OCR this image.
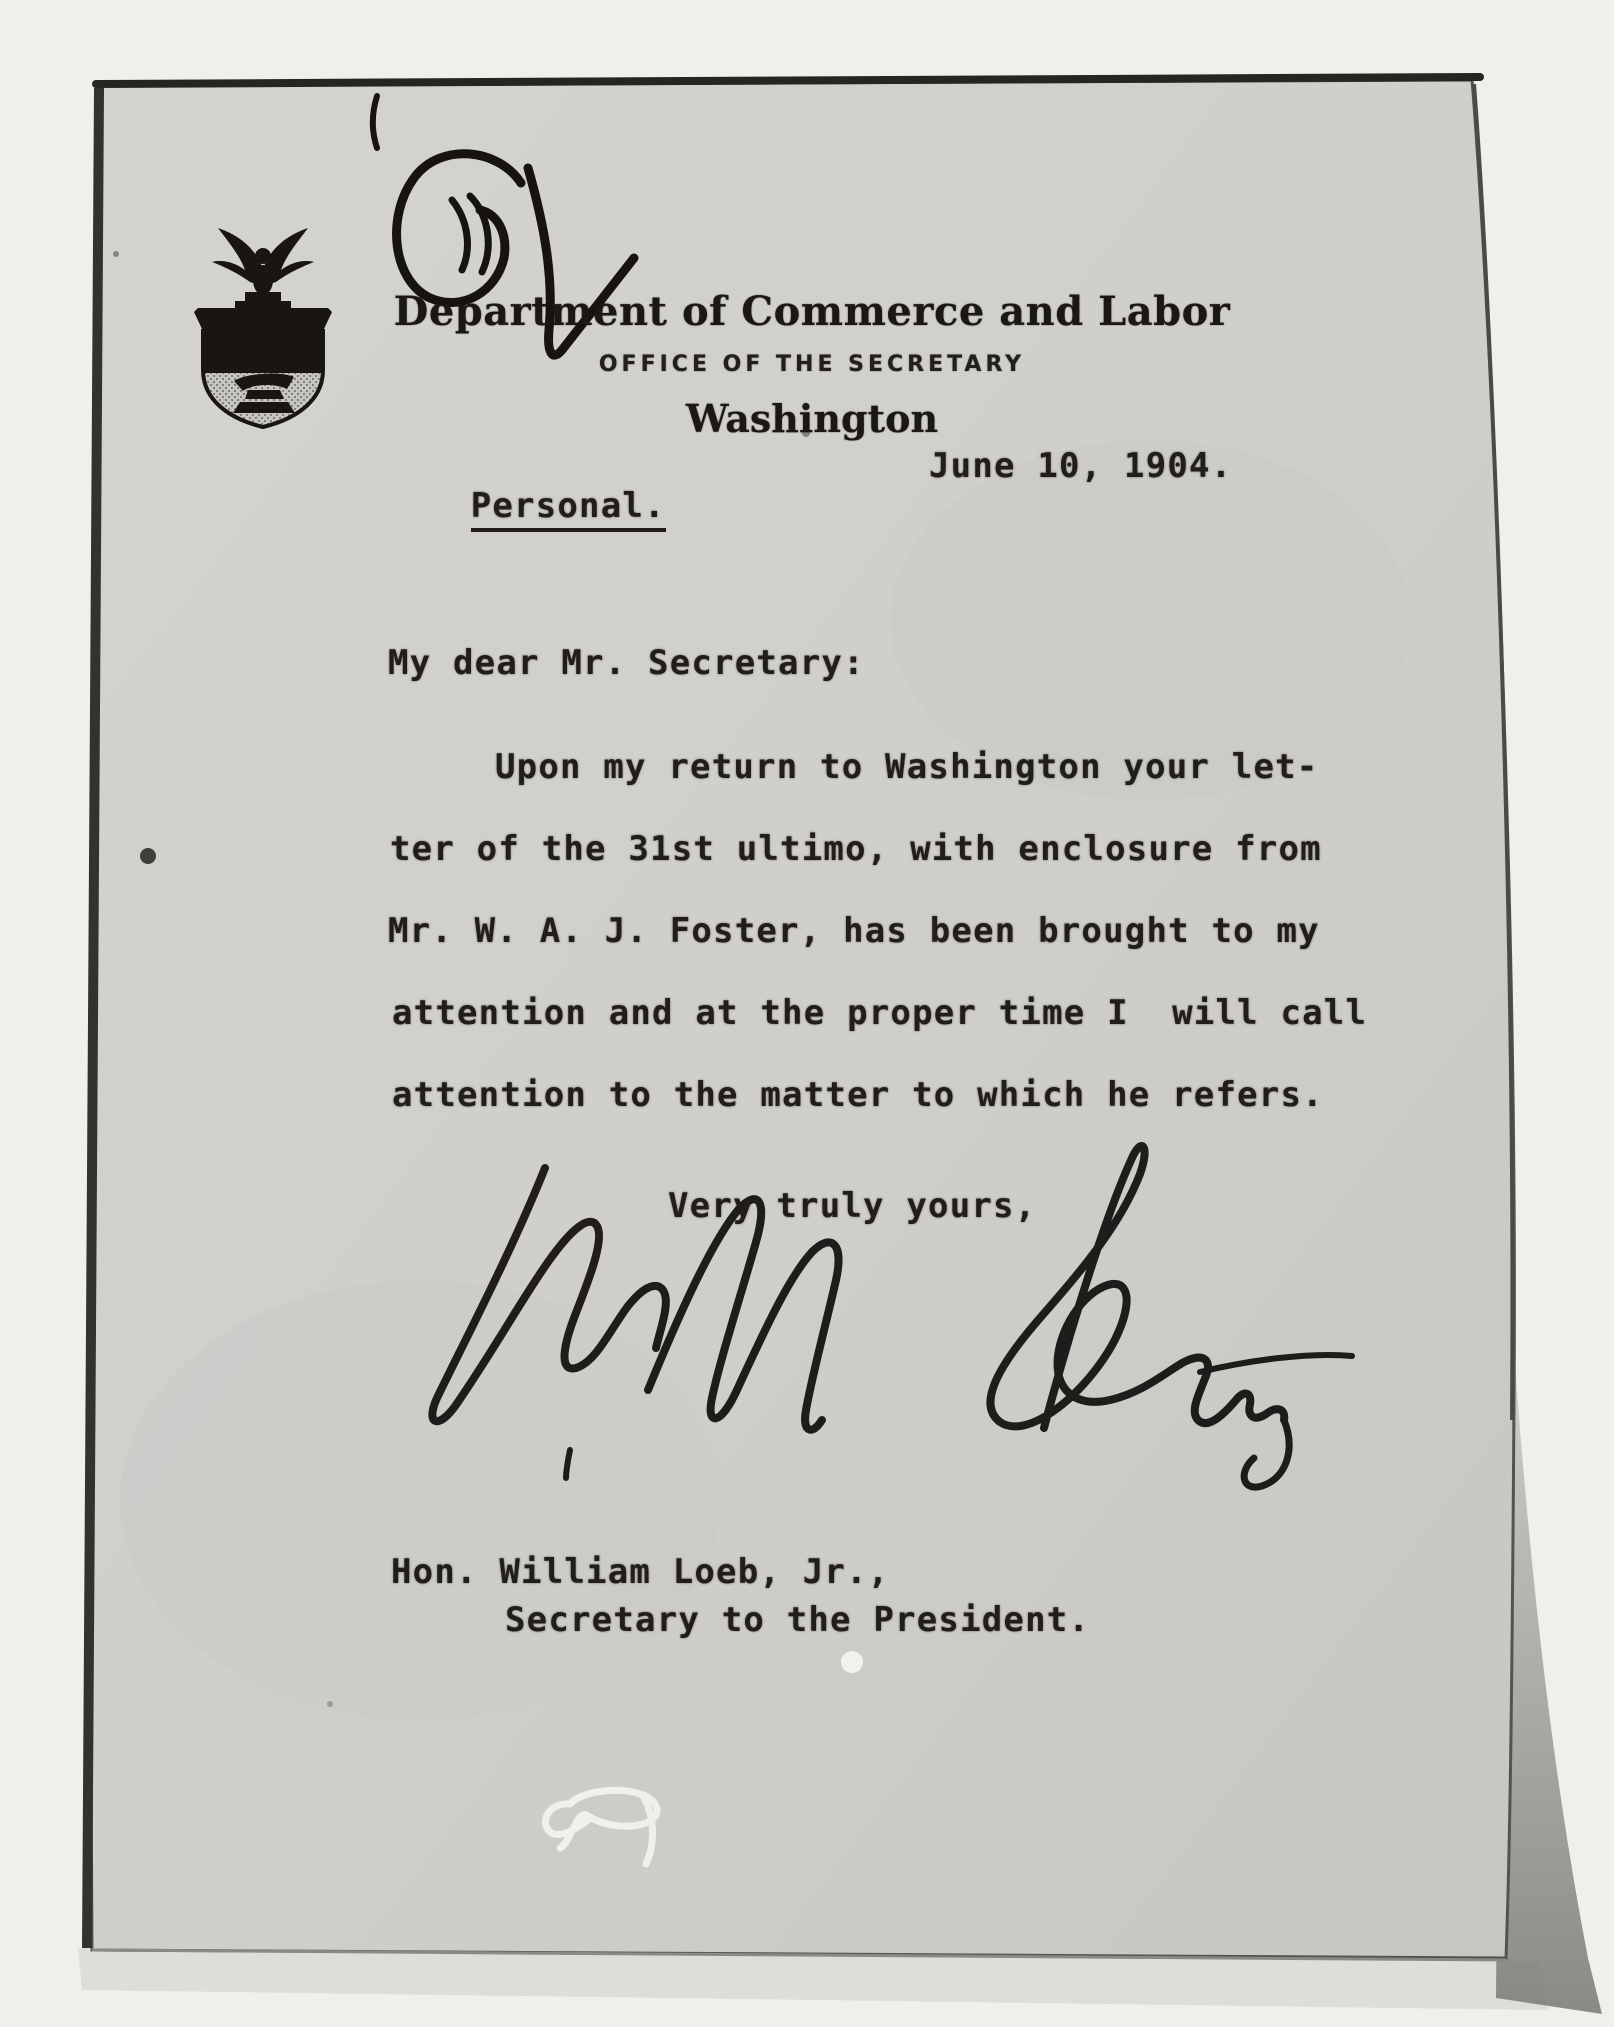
Department of Commerce and Labor
OFFICE OF THE SECRETARY
Washington

Personal.

June 10, 1904.
My dear Mr. Secretary:
Upon my return to Washington your let-
ter of the 31st ultimo, with enclosure from
Mr. W. A. J. Foster, has been brought to my
attention and at the proper time I  will call
attention to the matter to which he refers.
Very truly yours,
Hon. William Loeb, Jr.,
Secretary to the President.
